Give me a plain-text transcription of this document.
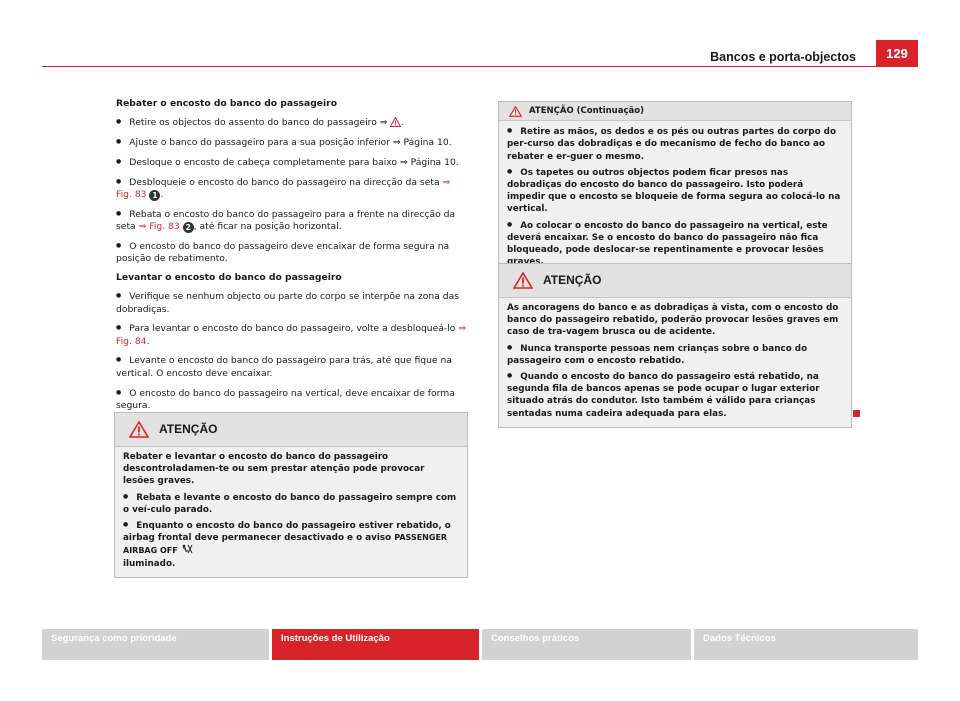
Bancos e porta-objectos	129

Rebater o encosto do banco do passageiro

● Retire os objectos do assento do banco do passageiro ⇒ .

● Ajuste o banco do passageiro para a sua posição inferior ⇒ Página 10.

● Desloque o encosto de cabeça completamente para baixo ⇒ Página 10.

● Desbloqueie o encosto do banco do passageiro na direcção da seta ⇒ Fig. 83 1 .

● Rebata o encosto do banco do passageiro para a frente na direcção da seta ⇒ Fig. 83 2 , até ficar na posição horizontal.

● O encosto do banco do passageiro deve encaixar de forma segura na posição de rebatimento.

Levantar o encosto do banco do passageiro

● Verifique se nenhum objecto ou parte do corpo se interpõe na zona das dobradiças.

● Para levantar o encosto do banco do passageiro, volte a desbloqueá-lo ⇒ Fig. 84.

● Levante o encosto do banco do passageiro para trás, até que fique na vertical. O encosto deve encaixar.

● O encosto do banco do passageiro na vertical, deve encaixar de forma segura.

ATENÇÃO

Rebater e levantar o encosto do banco do passageiro descontroladamen-te ou sem prestar atenção pode provocar lesões graves.

● Rebata e levante o encosto do banco do passageiro sempre com o veí-culo parado.

● Enquanto o encosto do banco do passageiro estiver rebatido, o airbag frontal deve permanecer desactivado e o aviso PASSENGER AIRBAG OFF
iluminado.

ATENÇÃO (Continuação)

● Retire as mãos, os dedos e os pés ou outras partes do corpo do per-curso das dobradiças e do mecanismo de fecho do banco ao rebater e er-guer o mesmo.

● Os tapetes ou outros objectos podem ficar presos nas dobradiças do encosto do banco do passageiro. Isto poderá impedir que o encosto se bloqueie de forma segura ao colocá-lo na vertical.

● Ao colocar o encosto do banco do passageiro na vertical, este deverá encaixar. Se o encosto do banco do passageiro não fica bloqueado, pode deslocar-se repentinamente e provocar lesões

ATENÇÃO

As ancoragens do banco e as dobradiças à vista, com o encosto do banco do passageiro rebatido, poderão provocar lesões graves em caso de tra-vagem brusca ou de acidente.

● Nunca transporte pessoas nem crianças sobre o banco do passageiro com o encosto rebatido.

● Quando o encosto do banco do passageiro está rebatido, na segunda fila de bancos apenas se pode ocupar o lugar exterior situado atrás do condutor. Isto também é válido para crianças sentadas numa cadeira adequada para elas.

Segurança como prioridade	Instruções de Utilização	Conselhos práticos	Dados Técnicos
